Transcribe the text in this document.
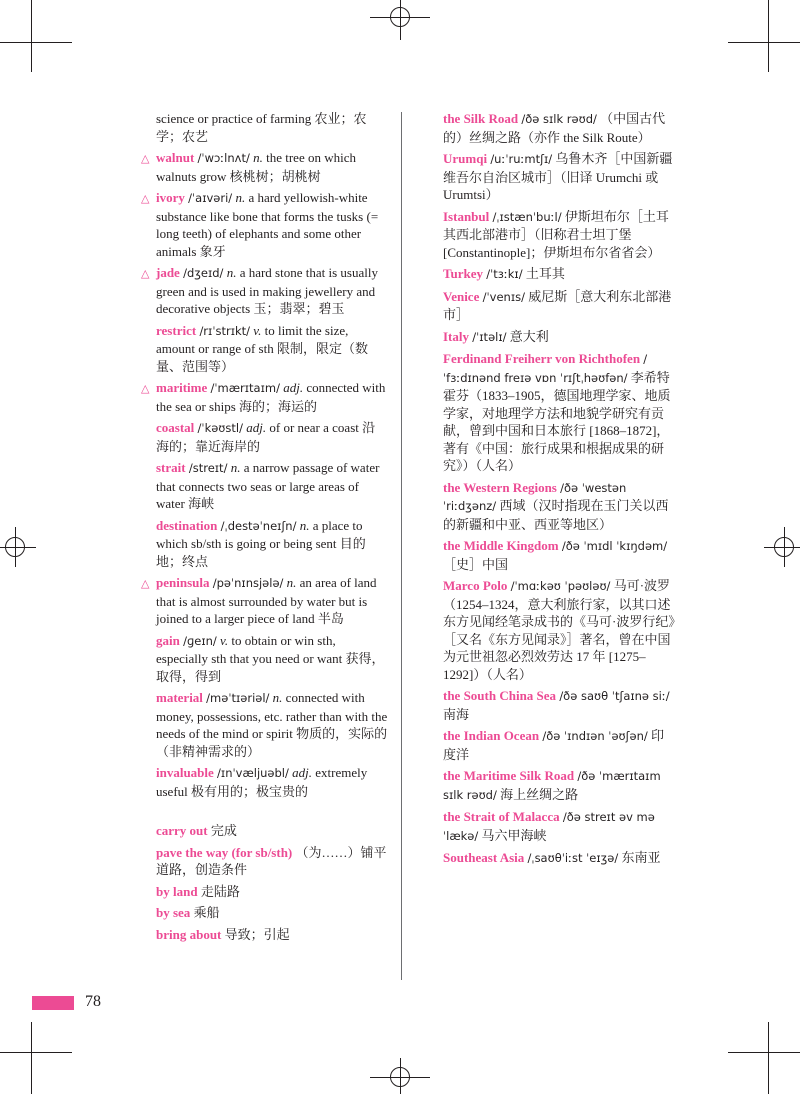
science or practice of farming 农业；农学；农艺
△ walnut /ˈwɔːlnʌt/ n. the tree on which walnuts grow 核桃树；胡桃树
△ ivory /ˈaɪvəri/ n. a hard yellowish-white substance like bone that forms the tusks (= long teeth) of elephants and some other animals 象牙
△ jade /dʒeɪd/ n. a hard stone that is usually green and is used in making jewellery and decorative objects 玉；翡翠；碧玉
restrict /rɪˈstrɪkt/ v. to limit the size, amount or range of sth 限制，限定（数量、范围等）
△ maritime /ˈmærɪtaɪm/ adj. connected with the sea or ships 海的；海运的
coastal /ˈkəʊstl/ adj. of or near a coast 沿海的；靠近海岸的
strait /streɪt/ n. a narrow passage of water that connects two seas or large areas of water 海峡
destination /ˌdestəˈneɪʃn/ n. a place to which sb/sth is going or being sent 目的地；终点
△ peninsula /pəˈnɪnsjələ/ n. an area of land that is almost surrounded by water but is joined to a larger piece of land 半岛
gain /ɡeɪn/ v. to obtain or win sth, especially sth that you need or want 获得，取得，得到
material /məˈtɪəriəl/ n. connected with money, possessions, etc. rather than with the needs of the mind or spirit 物质的，实际的（非精神需求的）
invaluable /ɪnˈvæljuəbl/ adj. extremely useful 极有用的；极宝贵的
carry out 完成
pave the way (for sb/sth) （为……）铺平道路，创造条件
by land 走陆路
by sea 乘船
bring about 导致；引起
the Silk Road /ðə sɪlk rəʊd/ （中国古代的）丝绸之路（亦作 the Silk Route）
Urumqi /uːˈruːmtʃɪ/ 乌鲁木齐［中国新疆维吾尔自治区城市］（旧译 Urumchi 或 Urumtsi）
Istanbul /ˌɪstænˈbuːl/ 伊斯坦布尔［土耳其西北部港市］（旧称君士坦丁堡[Constantinople]；伊斯坦布尔省省会）
Turkey /ˈtɜːkɪ/ 土耳其
Venice /ˈvenɪs/ 威尼斯［意大利东北部港市］
Italy /ˈɪtəlɪ/ 意大利
Ferdinand Freiherr von Richthofen /ˈfɜːdɪnənd freɪə vɒn ˈrɪʃtˌhəʊfən/ 李希特霍芬（1833–1905，德国地理学家、地质学家，对地理学方法和地貌学研究有贡献，曾到中国和日本旅行 [1868–1872]，著有《中国：旅行成果和根据成果的研究》）（人名）
the Western Regions /ðə ˈwestən ˈriːdʒənz/ 西域（汉时指现在玉门关以西的新疆和中亚、西亚等地区）
the Middle Kingdom /ðə ˈmɪdl ˈkɪŋdəm/ ［史］中国
Marco Polo /ˈmɑːkəʊ ˈpəʊləʊ/ 马可·波罗（1254–1324，意大利旅行家，以其口述东方见闻经笔录成书的《马可·波罗行纪》［又名《东方见闻录》］著名，曾在中国为元世祖忽必烈效劳达 17 年 [1275–1292]）（人名）
the South China Sea /ðə saʊθ ˈtʃaɪnə siː/ 南海
the Indian Ocean /ðə ˈɪndɪən ˈəʊʃən/ 印度洋
the Maritime Silk Road /ðə ˈmærɪtaɪm sɪlk rəʊd/ 海上丝绸之路
the Strait of Malacca /ðə streɪt əv məˈlækə/ 马六甲海峡
Southeast Asia /ˌsaʊθˈiːst ˈeɪʒə/ 东南亚
78
